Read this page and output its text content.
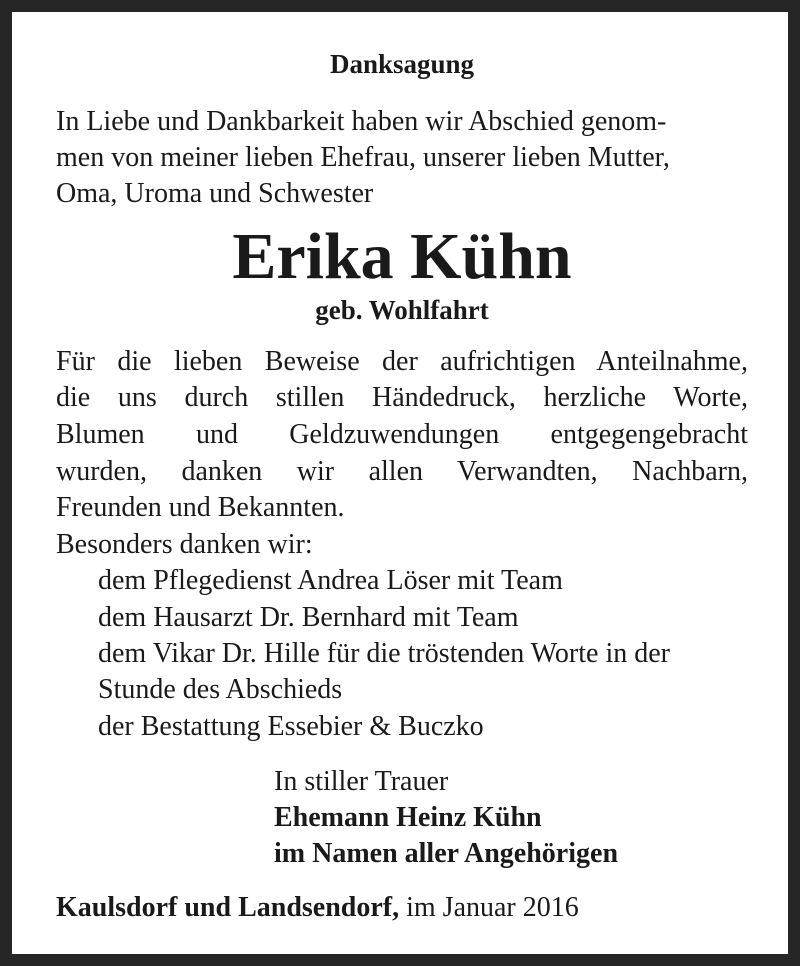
Danksagung
In Liebe und Dankbarkeit haben wir Abschied genom-
men von meiner lieben Ehefrau, unserer lieben Mutter,
Oma, Uroma und Schwester
Erika Kühn
geb. Wohlfahrt
Für die lieben Beweise der aufrichtigen Anteilnahme,
die uns durch stillen Händedruck, herzliche Worte,
Blumen und Geldzuwendungen entgegengebracht
wurden, danken wir allen Verwandten, Nachbarn,
Freunden und Bekannten.
Besonders danken wir:
dem Pflegedienst Andrea Löser mit Team
dem Hausarzt Dr. Bernhard mit Team
dem Vikar Dr. Hille für die tröstenden Worte in der
Stunde des Abschieds
der Bestattung Essebier & Buczko
In stiller Trauer
Ehemann Heinz Kühn
im Namen aller Angehörigen
Kaulsdorf und Landsendorf, im Januar 2016
